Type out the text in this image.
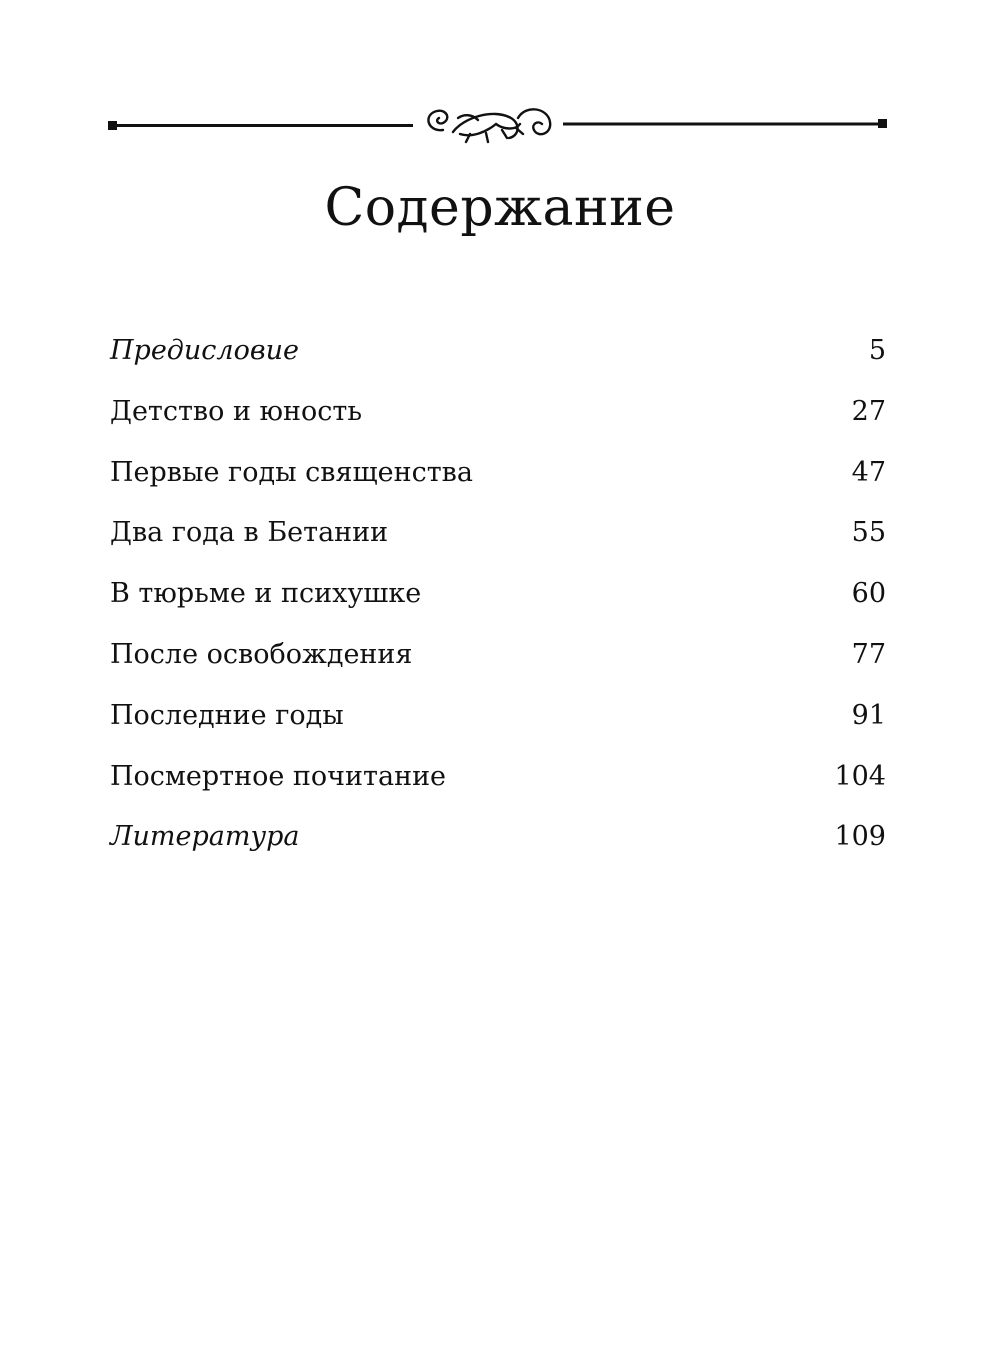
Содержание
Предисловие	5
Детство и юность	27
Первые годы священства	47
Два года в Бетании	55
В тюрьме и психушке	60
После освобождения	77
Последние годы	91
Посмертное почитание	104
Литература	109
